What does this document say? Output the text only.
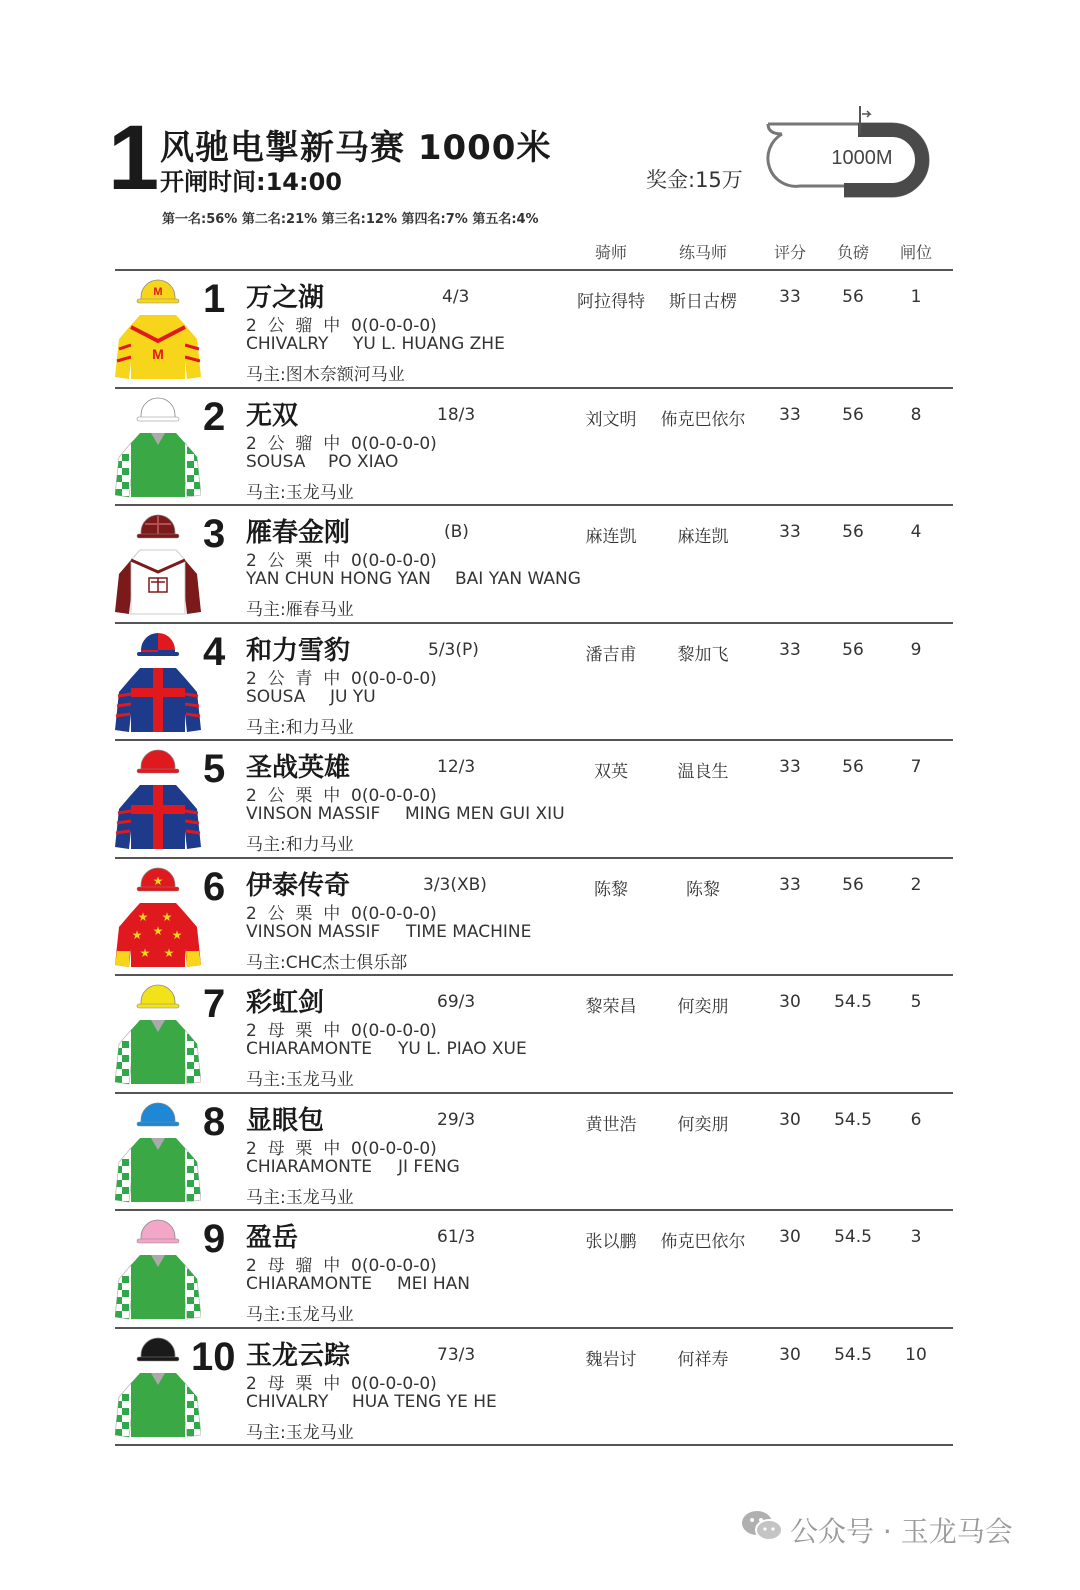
1 风驰电掣新马赛 1000米
开闸时间:14:00	奖金:15万
第一名:56% 第二名:21% 第三名:12% 第四名:7% 第五名:4%
1000M
骑师	练马师	评分	负磅	闸位
M
M 1 万之湖	4/3
2  公  骝  中  0(0-0-0-0)
CHIVALRY YU L. HUANG ZHE
马主:图木奈额河马业
阿拉得特	斯日古楞	33	56	1
2 无双	18/3
2  公  骝  中  0(0-0-0-0)
SOUSA PO XIAO
马主:玉龙马业
刘文明	佈克巴依尔	33	56	8
3 雁春金刚	(B)
2  公  栗  中  0(0-0-0-0)
YAN CHUN HONG YAN BAI YAN WANG
马主:雁春马业
麻连凯	麻连凯	33	56	4
4 和力雪豹	5/3(P)
2  公  青  中  0(0-0-0-0)
SOUSA JU YU
马主:和力马业
潘吉甫	黎加飞	33	56	9
5 圣战英雄	12/3
2  公  栗  中  0(0-0-0-0)
VINSON MASSIF MING MEN GUI XIU
马主:和力马业
双英	温良生	33	56	7
★ ★
★ ★ ★
★ ★
★ 6 伊泰传奇	3/3(XB)
2  公  栗  中  0(0-0-0-0)
VINSON MASSIF TIME MACHINE
马主:CHC杰士俱乐部
陈黎	陈黎	33	56	2
7 彩虹剑	69/3
2  母  栗  中  0(0-0-0-0)
CHIARAMONTE YU L. PIAO XUE
马主:玉龙马业
黎荣昌	何奕朋	30	54.5	5
8 显眼包	29/3
2  母  栗  中  0(0-0-0-0)
CHIARAMONTE JI FENG
马主:玉龙马业
黄世浩	何奕朋	30	54.5	6
9 盈岳	61/3
2  母  骝  中  0(0-0-0-0)
CHIARAMONTE MEI HAN
马主:玉龙马业
张以鹏	佈克巴依尔	30	54.5	3
10 玉龙云踪	73/3
2  母  栗  中  0(0-0-0-0)
CHIVALRY HUA TENG YE HE
马主:玉龙马业
魏岩讨	何祥寿	30	54.5	10
公众号 · 玉龙马会
